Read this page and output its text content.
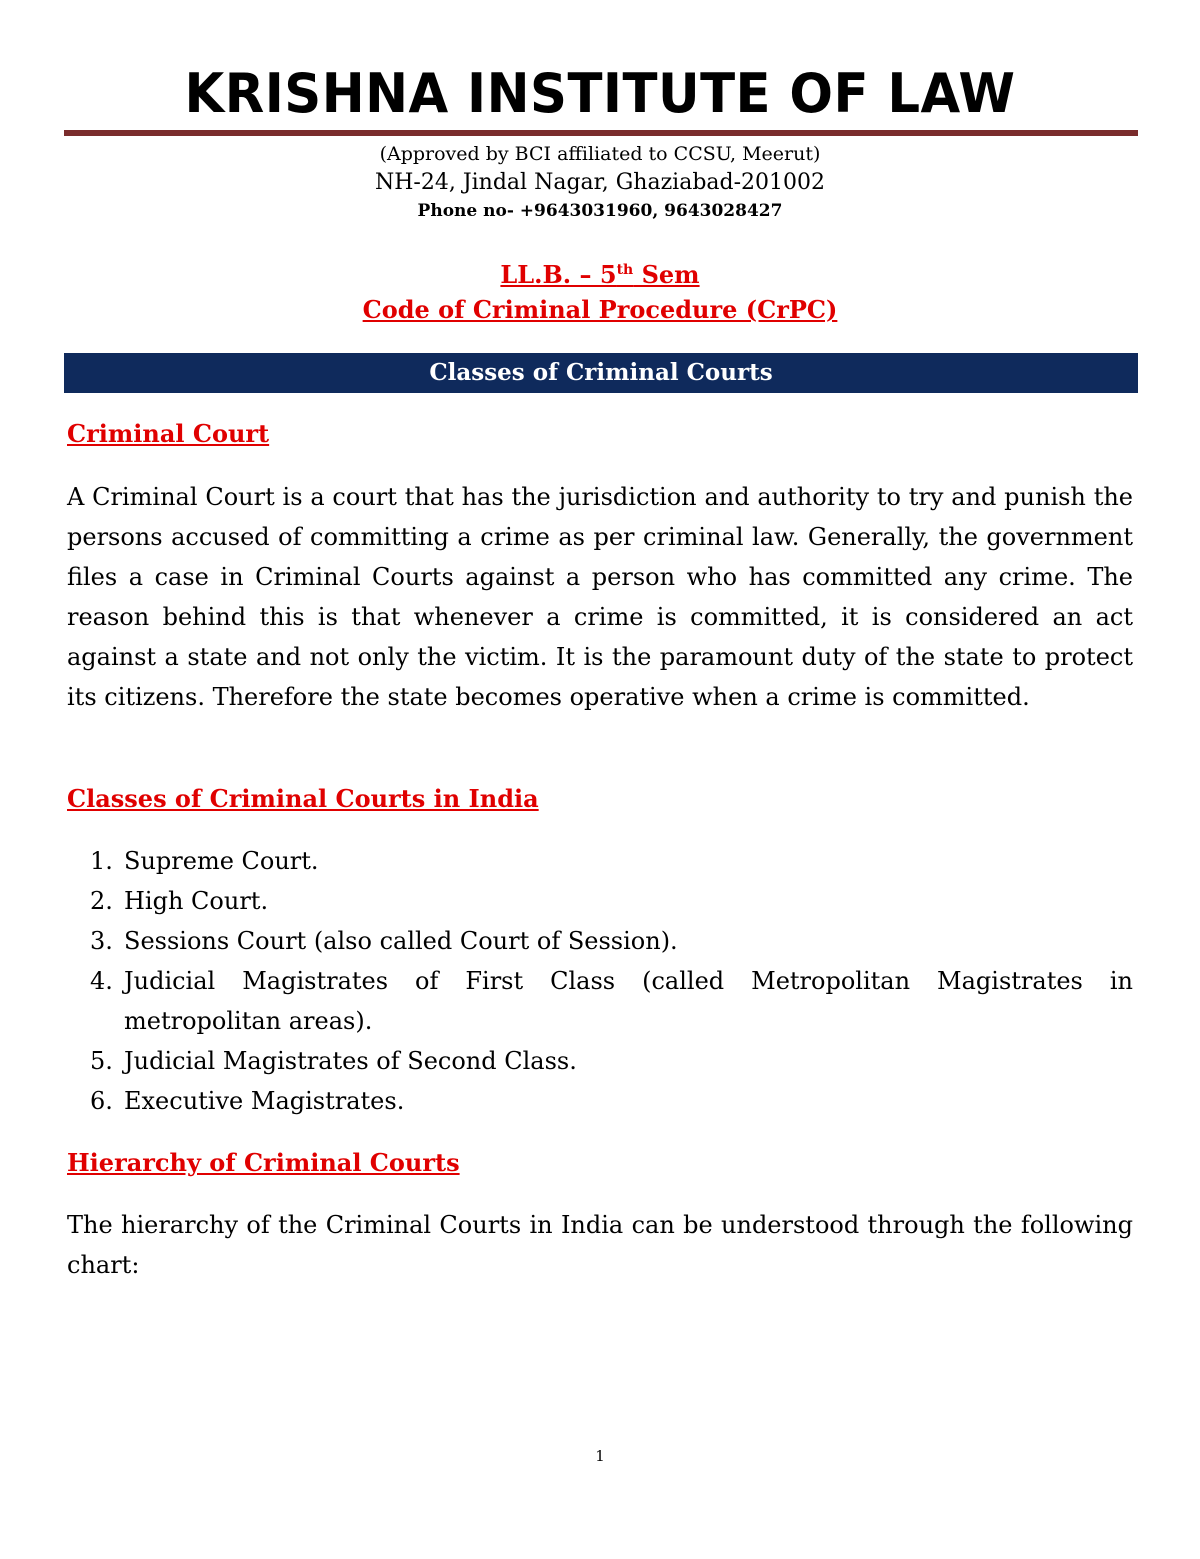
KRISHNA INSTITUTE OF LAW

(Approved by BCI affiliated to CCSU, Meerut)

NH-24, Jindal Nagar, Ghaziabad-201002

Phone no- +9643031960, 9643028427

LL.B. – 5th Sem

Code of Criminal Procedure (CrPC)

Classes of Criminal Courts
Criminal Court

A Criminal Court is a court that has the jurisdiction and authority to try and punish the persons accused of committing a crime as per criminal law. Generally, the government files a case in Criminal Courts against a person who has committed any crime. The reason behind this is that whenever a crime is committed, it is considered an act against a state and not only the victim. It is the paramount duty of the state to protect its citizens. Therefore the state becomes operative when a crime is committed.

Classes of Criminal Courts in India
1. Supreme Court.
2. High Court.
3. Sessions Court (also called Court of Session).
4. Judicial Magistrates of First Class (called Metropolitan Magistrates in metropolitan areas).
5. Judicial Magistrates of Second Class.
6. Executive Magistrates.
Hierarchy of Criminal Courts

The hierarchy of the Criminal Courts in India can be understood through the following chart:

1
